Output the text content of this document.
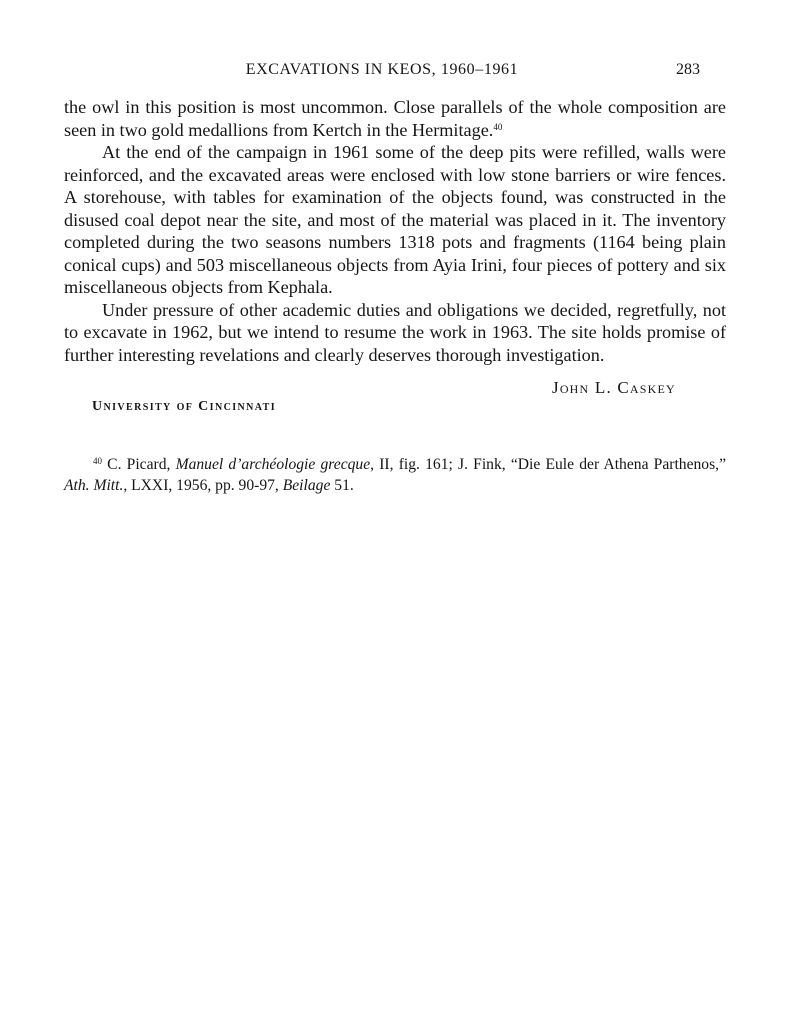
EXCAVATIONS IN KEOS, 1960–1961	283

the owl in this position is most uncommon. Close parallels of the whole composition are seen in two gold medallions from Kertch in the Hermitage.$^{40}$

At the end of the campaign in 1961 some of the deep pits were refilled, walls were reinforced, and the excavated areas were enclosed with low stone barriers or wire fences. A storehouse, with tables for examination of the objects found, was constructed in the disused coal depot near the site, and most of the material was placed in it. The inventory completed during the two seasons numbers 1318 pots and fragments (1164 being plain conical cups) and 503 miscellaneous objects from Ayia Irini, four pieces of pottery and six miscellaneous objects from Kephala.

Under pressure of other academic duties and obligations we decided, regretfully, not to excavate in 1962, but we intend to resume the work in 1963. The site holds promise of further interesting revelations and clearly deserves thorough investigation.

John L. Caskey
University of Cincinnati
$^{40}$ C. Picard, Manuel d’archéologie grecque, II, fig. 161; J. Fink, “Die Eule der Athena Parthenos,” Ath. Mitt., LXXI, 1956, pp. 90-97, Beilage 51.
